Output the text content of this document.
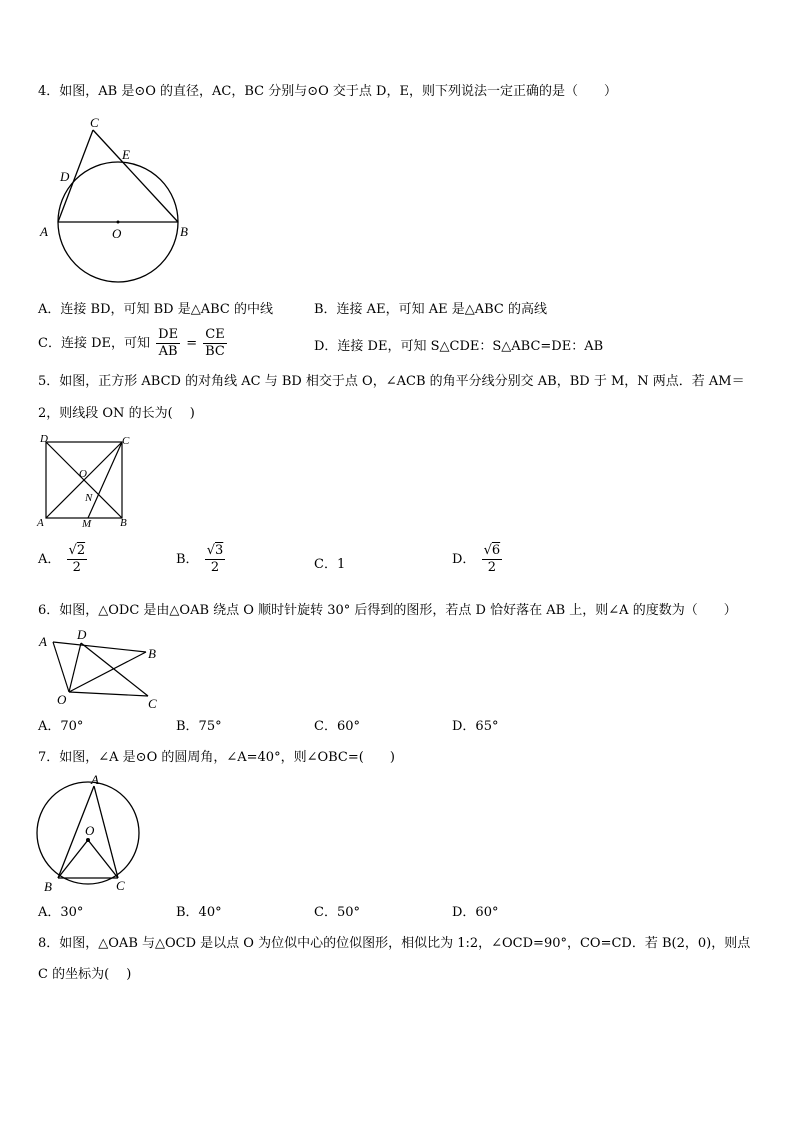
4．如图，AB 是⊙O 的直径，AC，BC 分别与⊙O 交于点 D，E，则下列说法一定正确的是（　　）
C
E
D
A	O	B
A．连接 BD，可知 BD 是△ABC 的中线	B．连接 AE，可知 AE 是△ABC 的高线
C．连接 DE，可知 $\frac{DE}{AB} = \frac{CE}{BC}$	D．连接 DE，可知 S△CDE：S△ABC=DE：AB
5．如图，正方形 ABCD 的对角线 AC 与 BD 相交于点 O，∠ACB 的角平分线分别交 AB，BD 于 M，N 两点．若 AM＝
2，则线段 ON 的长为(　 )
D	C
O
N
A	M	B
A． $\frac{√2}{2}$	B． $\frac{√3}{2}$	C．1	D． $\frac{√6}{2}$
6．如图，△ODC 是由△OAB 绕点 O 顺时针旋转 30° 后得到的图形，若点 D 恰好落在 AB 上，则∠A 的度数为（　　）
A D
B
O	C
A．70°	B．75°	C．60°	D．65°
7．如图，∠A 是⊙O 的圆周角，∠A=40°，则∠OBC=(　　)
A
O
B	C
A．30°	B．40°	C．50°	D．60°
8．如图，△OAB 与△OCD 是以点 O 为位似中心的位似图形，相似比为 1:2，∠OCD=90°，CO=CD．若 B(2，0)，则点
C 的坐标为(　 )
